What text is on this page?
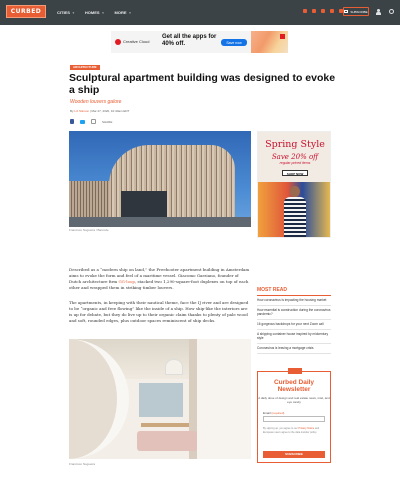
CURBED	CITIES ▼	HOMES ▼	MORE ▼	SUBSCRIBE
Creative Cloud
Get all the apps for 40% off.	Save now
ARCHITECTURE
Sculptural apartment building was designed to evoke a ship
Wooden louvers galore
By Liz Stinson | Mar 27, 2020, 10:40am EDT
SHARE
Francisco Nogueira / Barcode
Spring Style
Save 20% off
regular priced items
SHOP NOW

Described as a “modern ship on land,” the Freebooter apartment building in Amsterdam aims to evoke the form and feel of a maritime vessel. Giacomo Garziano, founder of Dutch architecture firm GG-loop, stacked two 1,290-square-foot duplexes on top of each other and wrapped them in striking timber louvers.

The apartments, in keeping with their nautical theme, face the IJ river and are designed to be “organic and free flowing” like the inside of a ship. How ship-like the interiors are is up for debate, but they do live up to their organic claim thanks to plenty of pale wood and soft, rounded edges, plus outdoor spaces reminiscent of ship decks.

Francisco Nogueira
MOST READ
How coronavirus is impacting the housing market
How essential is construction during the coronavirus pandemic?
16 gorgeous backdrops for your next Zoom call
A shipping container house inspired by midcentury style
Coronavirus is leaving a mortgage crisis
Curbed Daily
Newsletter
A daily dose of design and real estate news, intel, and eye candy
Email (required)
By signing up, you agree to our Privacy Notice and European users agree to the data transfer policy.
SUBSCRIBE
